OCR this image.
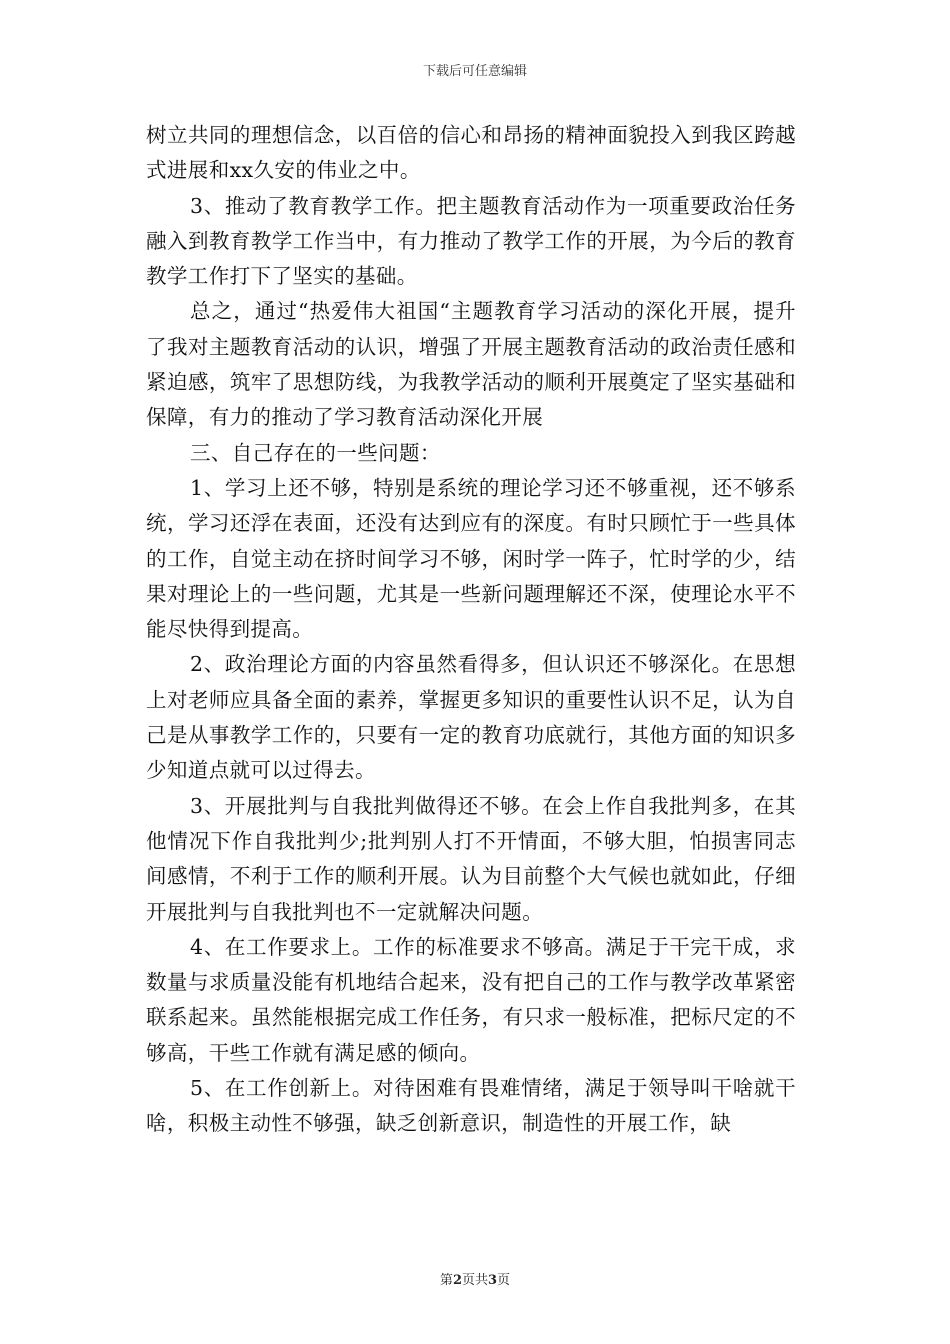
下载后可任意编辑

树立共同的理想信念，以百倍的信心和昂扬的精神面貌投入到我区跨越式进展和xx久安的伟业之中。

3、推动了教育教学工作。把主题教育活动作为一项重要政治任务融入到教育教学工作当中，有力推动了教学工作的开展，为今后的教育教学工作打下了坚实的基础。

总之，通过“热爱伟大祖国“主题教育学习活动的深化开展，提升了我对主题教育活动的认识，增强了开展主题教育活动的政治责任感和紧迫感，筑牢了思想防线，为我教学活动的顺利开展奠定了坚实基础和保障，有力的推动了学习教育活动深化开展

三、自己存在的一些问题：

1、学习上还不够，特别是系统的理论学习还不够重视，还不够系统，学习还浮在表面，还没有达到应有的深度。有时只顾忙于一些具体的工作，自觉主动在挤时间学习不够，闲时学一阵子，忙时学的少，结果对理论上的一些问题，尤其是一些新问题理解还不深，使理论水平不能尽快得到提高。

2、政治理论方面的内容虽然看得多，但认识还不够深化。在思想上对老师应具备全面的素养，掌握更多知识的重要性认识不足，认为自己是从事教学工作的，只要有一定的教育功底就行，其他方面的知识多少知道点就可以过得去。

3、开展批判与自我批判做得还不够。在会上作自我批判多，在其他情况下作自我批判少;批判别人打不开情面，不够大胆，怕损害同志间感情，不利于工作的顺利开展。认为目前整个大气候也就如此，仔细开展批判与自我批判也不一定就解决问题。

4、在工作要求上。工作的标准要求不够高。满足于干完干成，求数量与求质量没能有机地结合起来，没有把自己的工作与教学改革紧密联系起来。虽然能根据完成工作任务，有只求一般标准，把标尺定的不够高，干些工作就有满足感的倾向。

5、在工作创新上。对待困难有畏难情绪，满足于领导叫干啥就干啥，积极主动性不够强，缺乏创新意识，制造性的开展工作，缺

第2页共3页
